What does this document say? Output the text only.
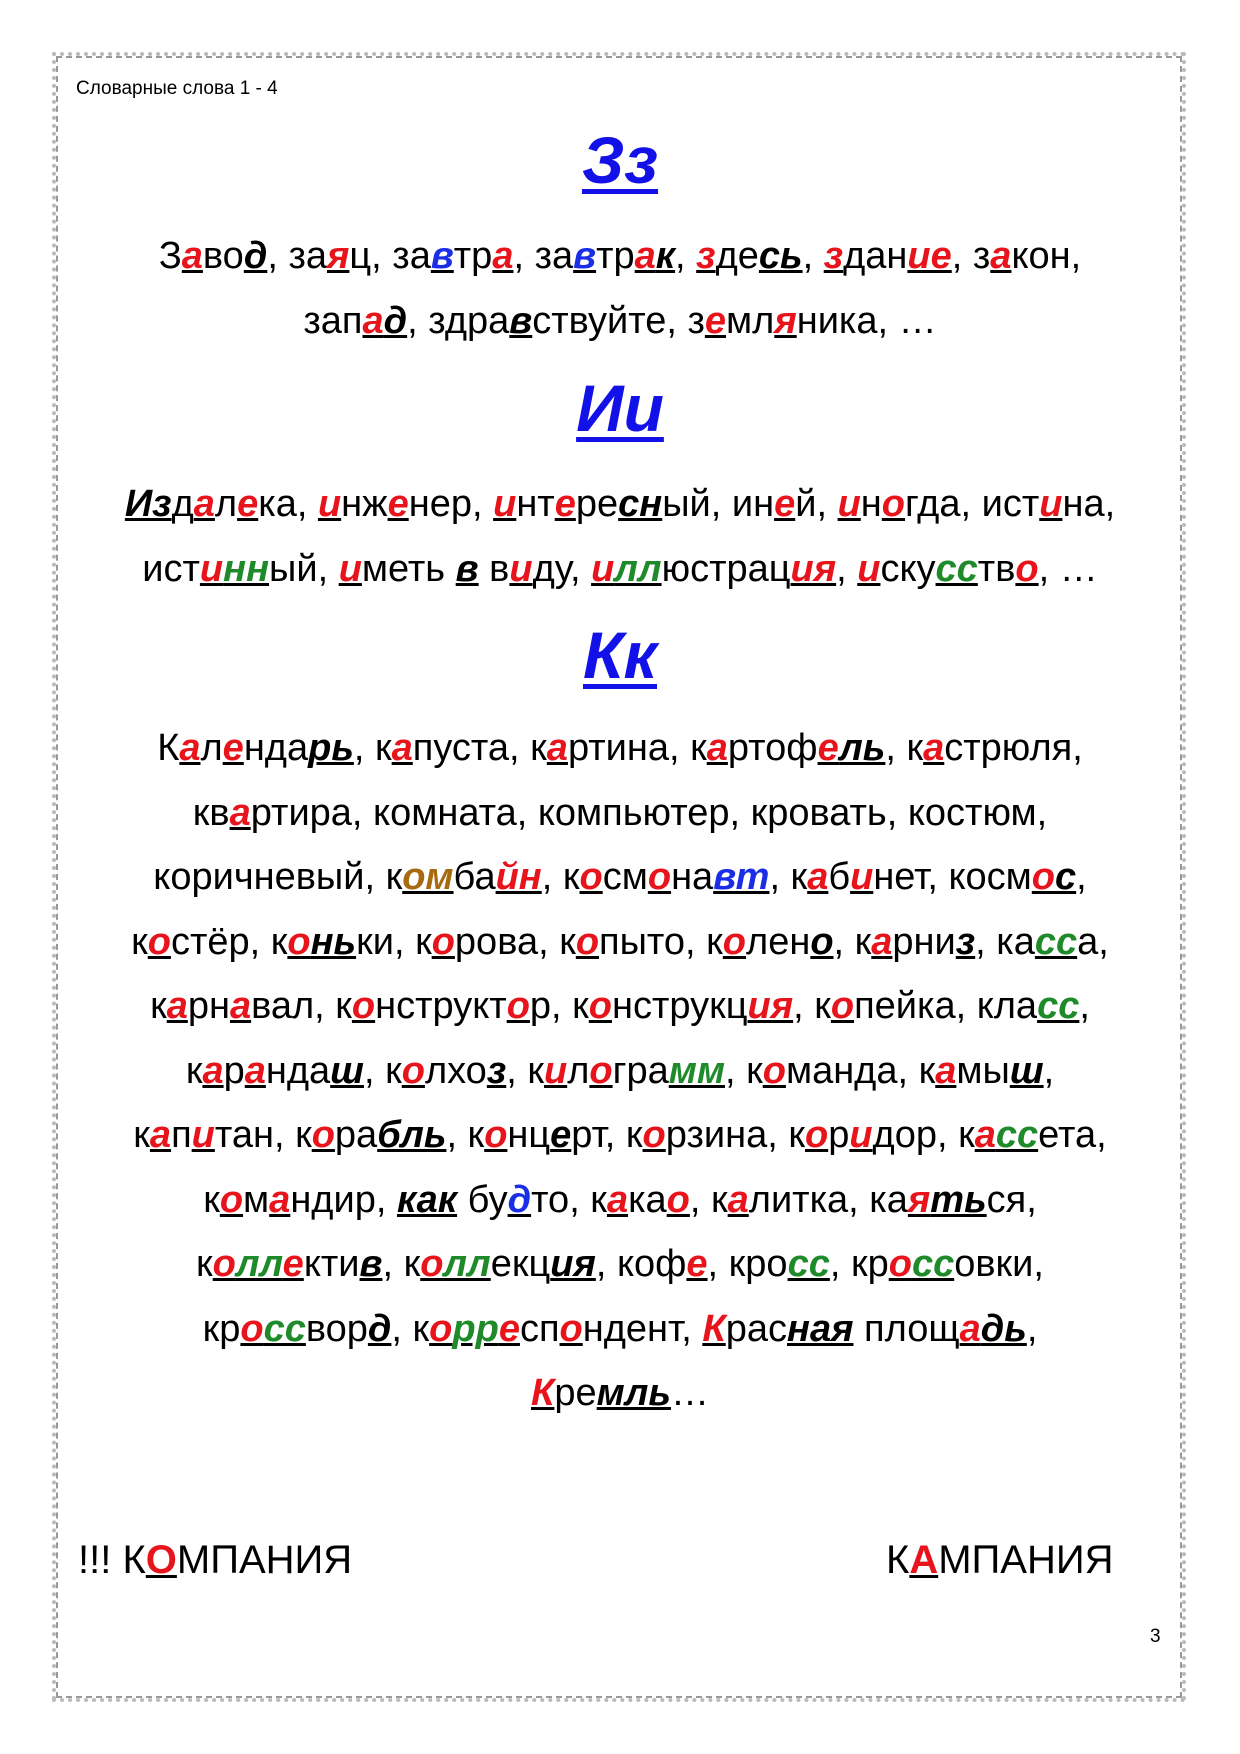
Словарные слова 1 - 4
Зз
Завод, заяц, завтра, завтрак, здесь, здание, закон,
запад, здравствуйте, земляника, …
Ии
Издалека, инженер, интересный, иней, иногда, истина,
истинный, иметь в виду, иллюстрация, искусство, …
Кк
Календарь, капуста, картина, картофель, кастрюля,
квартира, комната, компьютер, кровать, костюм,
коричневый, комбайн, космонавт, кабинет, космос,
костёр, коньки, корова, копыто, колено, карниз, касса,
карнавал, конструктор, конструкция, копейка, класс,
карандаш, колхоз, килограмм, команда, камыш,
капитан, корабль, концерт, корзина, коридор, кассета,
командир, как будто, какао, калитка, каяться,
коллектив, коллекция, кофе, кросс, кроссовки,
кроссворд, корреспондент, Красная площадь,
Кремль…
!!! КОМПАНИЯ	КАМПАНИЯ
3
